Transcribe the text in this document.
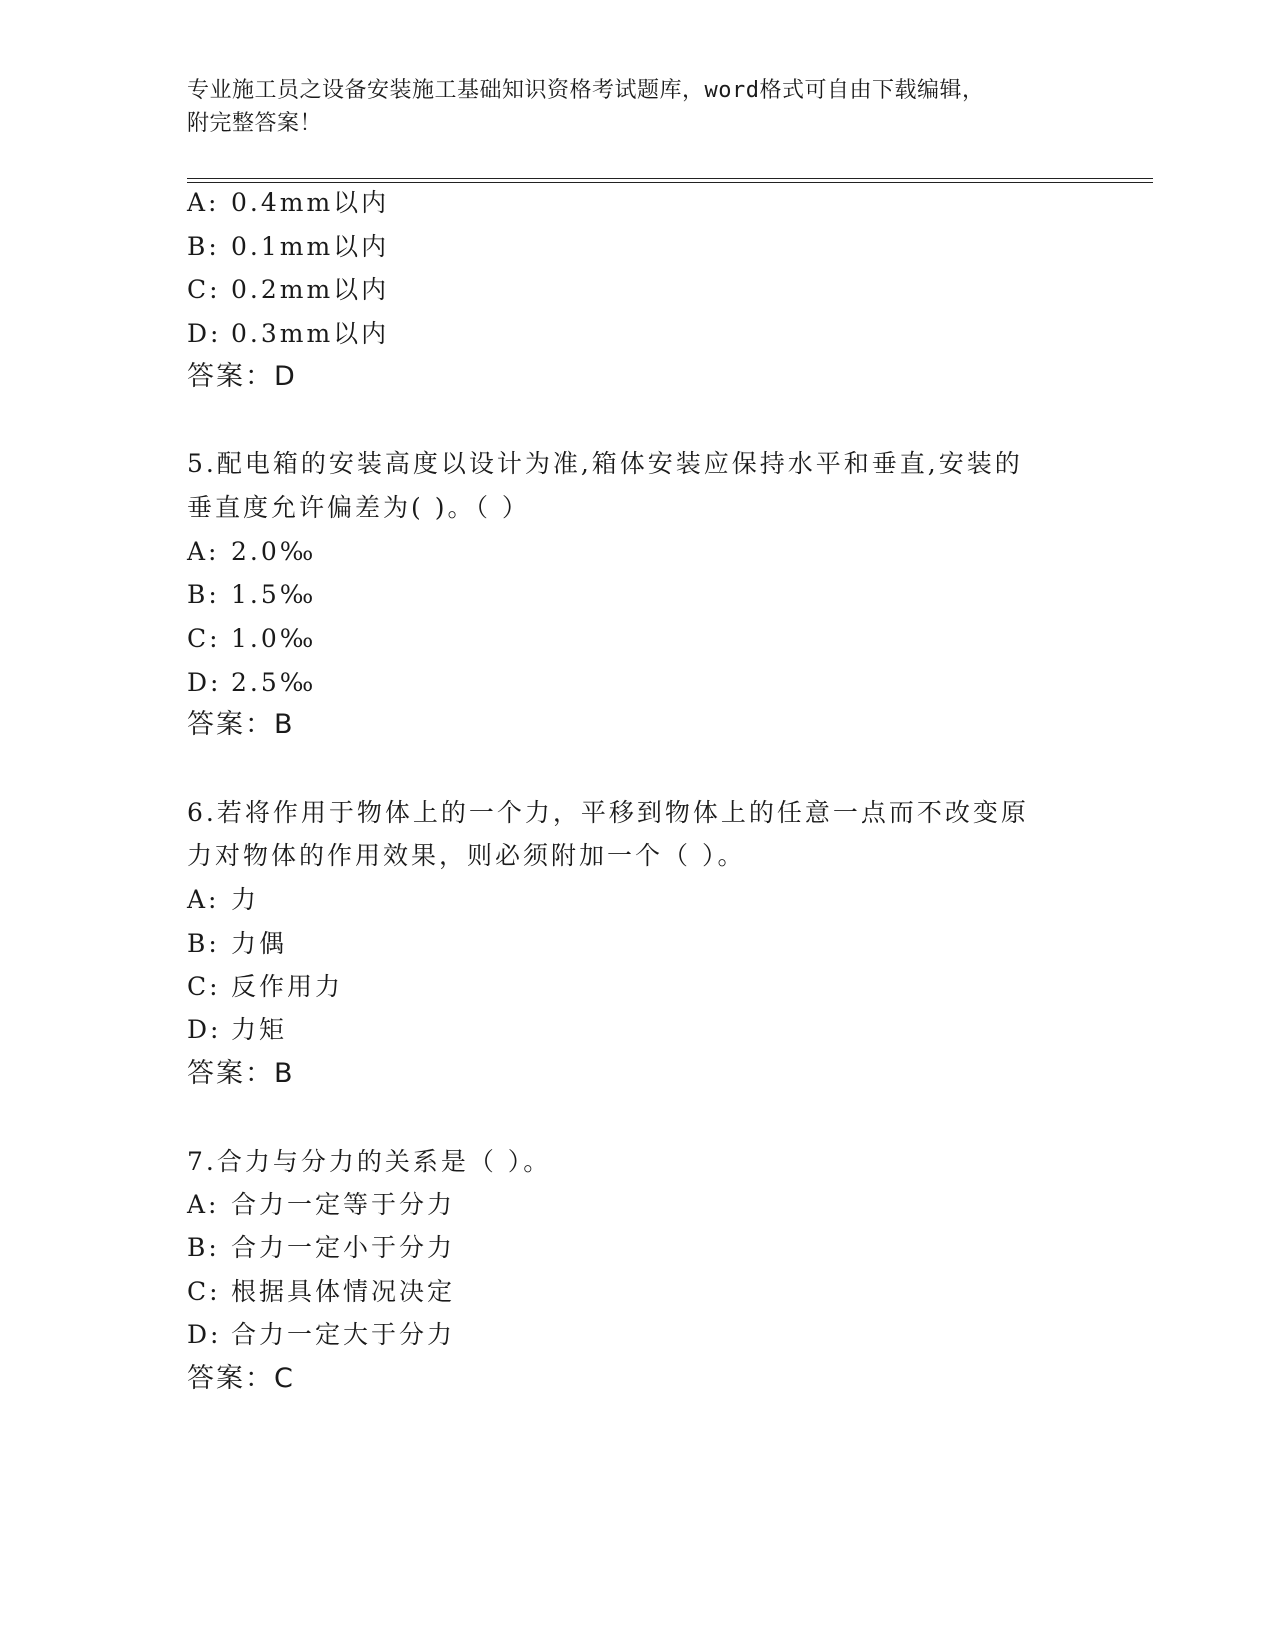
专业施工员之设备安装施工基础知识资格考试题库，word格式可自由下载编辑，
附完整答案！
A: 0.4mm以内
B: 0.1mm以内
C: 0.2mm以内
D: 0.3mm以内
答案：D
5.配电箱的安装高度以设计为准,箱体安装应保持水平和垂直,安装的
垂直度允许偏差为( )。（ ）
A: 2.0‰
B: 1.5‰
C: 1.0‰
D: 2.5‰
答案：B
6.若将作用于物体上的一个力，平移到物体上的任意一点而不改变原
力对物体的作用效果，则必须附加一个（ ）。
A: 力
B: 力偶
C: 反作用力
D: 力矩
答案：B
7.合力与分力的关系是（ ）。
A: 合力一定等于分力
B: 合力一定小于分力
C: 根据具体情况决定
D: 合力一定大于分力
答案：C
